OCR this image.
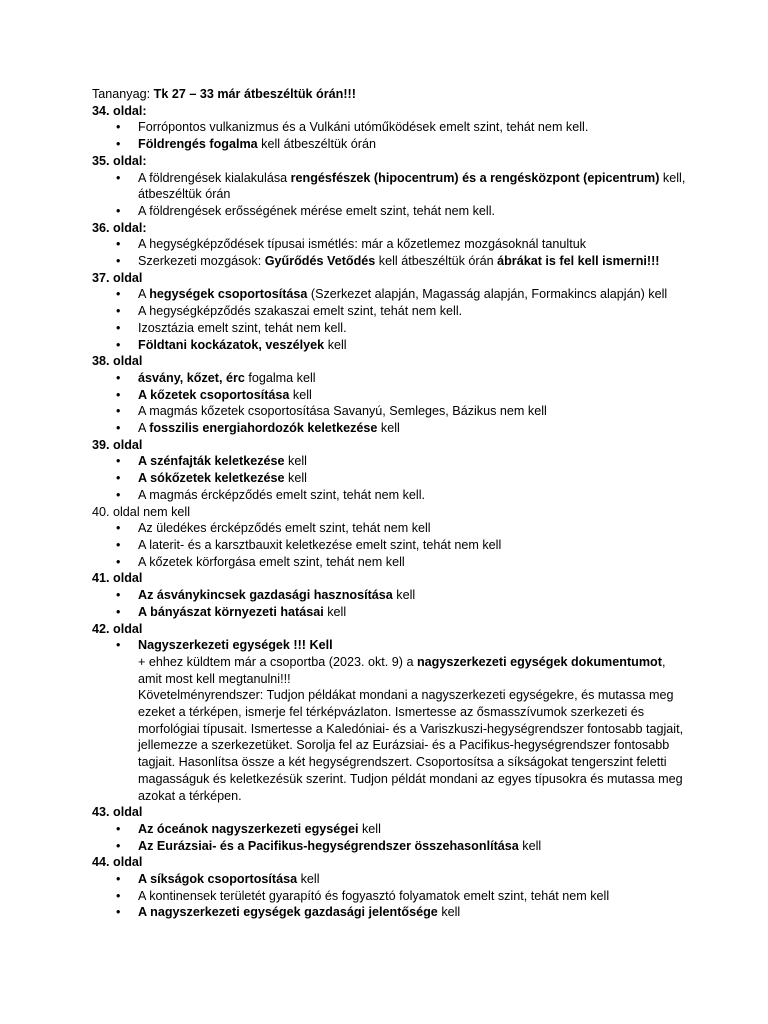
Tananyag: Tk 27 – 33 már átbeszéltük órán!!!
34. oldal:
• Forrópontos vulkanizmus és a Vulkáni utóműködések emelt szint, tehát nem kell.
• Földrengés fogalma kell átbeszéltük órán
35. oldal:
• A földrengések kialakulása rengésfészek (hipocentrum) és a rengésközpont (epicentrum) kell, átbeszéltük órán
• A földrengések erősségének mérése emelt szint, tehát nem kell.
36. oldal:
• A hegységképződések típusai ismétlés: már a kőzetlemez mozgásoknál tanultuk
• Szerkezeti mozgások: Gyűrődés Vetődés kell átbeszéltük órán ábrákat is fel kell ismerni!!!
37. oldal
• A hegységek csoportosítása (Szerkezet alapján, Magasság alapján, Formakincs alapján) kell
• A hegységképződés szakaszai emelt szint, tehát nem kell.
• Izosztázia emelt szint, tehát nem kell.
• Földtani kockázatok, veszélyek kell
38. oldal
• ásvány, kőzet, érc fogalma kell
• A kőzetek csoportosítása kell
• A magmás kőzetek csoportosítása Savanyú, Semleges, Bázikus nem kell
• A fosszilis energiahordozók keletkezése kell
39. oldal
• A szénfajták keletkezése kell
• A sókőzetek keletkezése kell
• A magmás ércképződés emelt szint, tehát nem kell.
40. oldal nem kell
• Az üledékes ércképződés emelt szint, tehát nem kell
• A laterit- és a karsztbauxit keletkezése emelt szint, tehát nem kell
• A kőzetek körforgása emelt szint, tehát nem kell
41. oldal
• Az ásványkincsek gazdasági hasznosítása kell
• A bányászat környezeti hatásai kell
42. oldal
• Nagyszerkezeti egységek !!! Kell
+ ehhez küldtem már a csoportba (2023. okt. 9) a nagyszerkezeti egységek dokumentumot, amit most kell megtanulni!!!
Követelményrendszer: Tudjon példákat mondani a nagyszerkezeti egységekre, és mutassa meg ezeket a térképen, ismerje fel térképvázlaton. Ismertesse az ősmasszívumok szerkezeti és morfológiai típusait. Ismertesse a Kaledóniai- és a Variszkuszi-hegységrendszer fontosabb tagjait, jellemezze a szerkezetüket. Sorolja fel az Eurázsiai- és a Pacifikus-hegységrendszer fontosabb tagjait. Hasonlítsa össze a két hegységrendszert. Csoportosítsa a síkságokat tengerszint feletti magasságuk és keletkezésük szerint. Tudjon példát mondani az egyes típusokra és mutassa meg azokat a térképen.
43. oldal
• Az óceánok nagyszerkezeti egységei kell
• Az Eurázsiai- és a Pacifikus-hegységrendszer összehasonlítása kell
44. oldal
• A síkságok csoportosítása kell
• A kontinensek területét gyarapító és fogyasztó folyamatok emelt szint, tehát nem kell
• A nagyszerkezeti egységek gazdasági jelentősége kell
